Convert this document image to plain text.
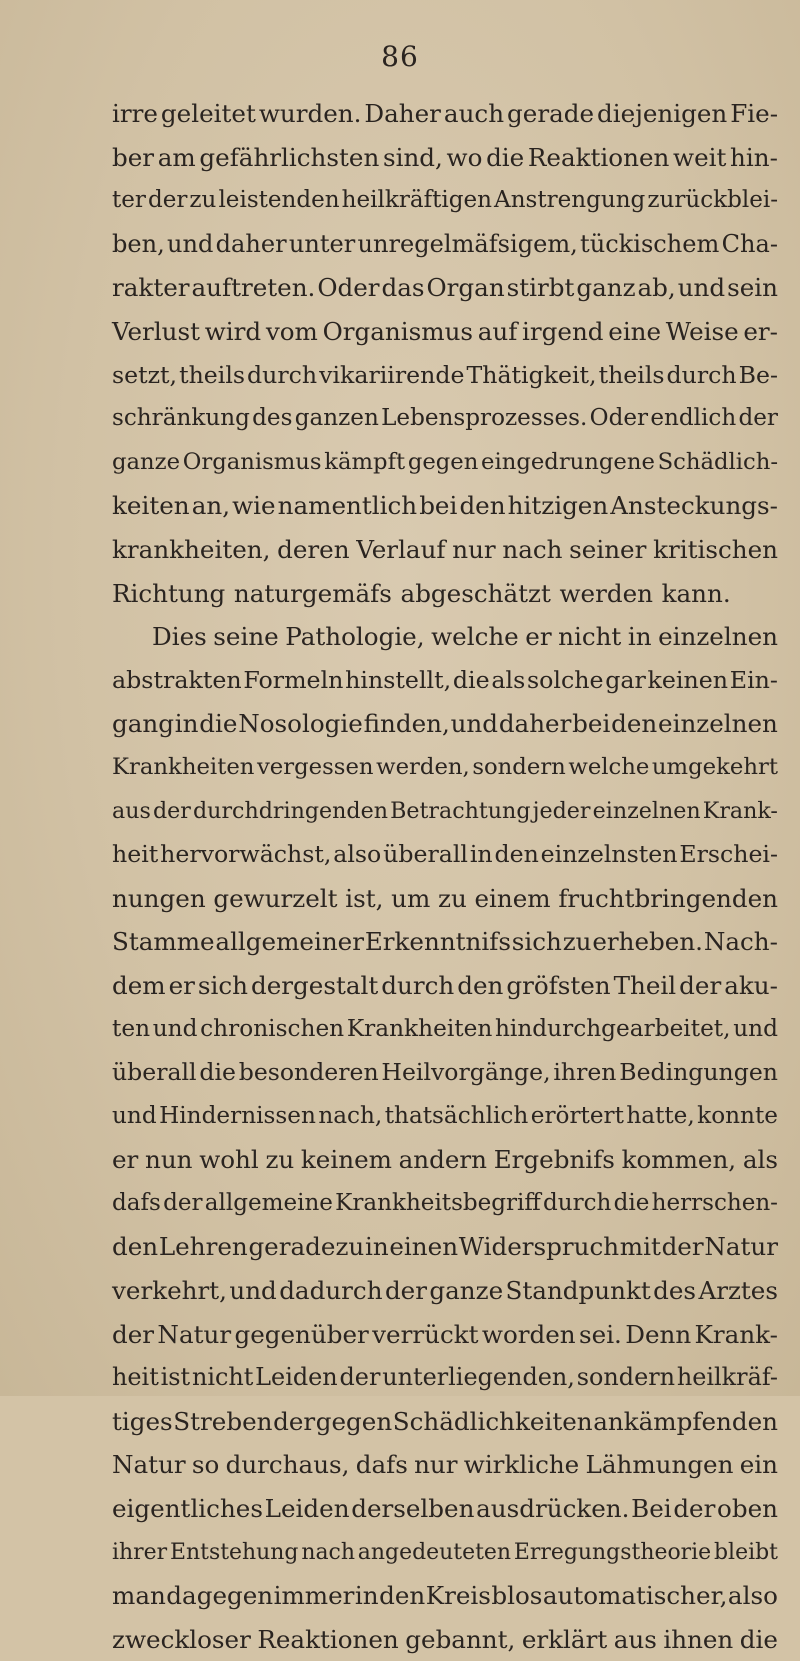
86
irre geleitet wurden. Daher auch gerade diejenigen Fie-
ber am gefährlichsten sind, wo die Reaktionen weit hin-
ter der zu leistenden heilkräftigen Anstrengung zurückblei-
ben, und daher unter unregelmäfsigem, tückischem Cha-
rakter auftreten. Oder das Organ stirbt ganz ab, und sein
Verlust wird vom Organismus auf irgend eine Weise er-
setzt, theils durch vikariirende Thätigkeit, theils durch Be-
schränkung des ganzen Lebensprozesses. Oder endlich der
ganze Organismus kämpft gegen eingedrungene Schädlich-
keiten an, wie namentlich bei den hitzigen Ansteckungs-
krankheiten, deren Verlauf nur nach seiner kritischen
Richtung naturgemäfs abgeschätzt werden kann.
Dies seine Pathologie, welche er nicht in einzelnen
abstrakten Formeln hinstellt, die als solche gar keinen Ein-
gang in die Nosologie finden, und daher bei den einzelnen
Krankheiten vergessen werden, sondern welche umgekehrt
aus der durchdringenden Betrachtung jeder einzelnen Krank-
heit hervorwächst, also überall in den einzelnsten Erschei-
nungen gewurzelt ist, um zu einem fruchtbringenden
Stamme allgemeiner Erkenntnifs sich zu erheben. Nach-
dem er sich dergestalt durch den gröfsten Theil der aku-
ten und chronischen Krankheiten hindurchgearbeitet, und
überall die besonderen Heilvorgänge, ihren Bedingungen
und Hindernissen nach, thatsächlich erörtert hatte, konnte
er nun wohl zu keinem andern Ergebnifs kommen, als
dafs der allgemeine Krankheitsbegriff durch die herrschen-
den Lehren geradezu in einen Widerspruch mit der Natur
verkehrt, und dadurch der ganze Standpunkt des Arztes
der Natur gegenüber verrückt worden sei. Denn Krank-
heit ist nicht Leiden der unterliegenden, sondern heilkräf-
tiges Streben der gegen Schädlichkeiten ankämpfenden
Natur so durchaus, dafs nur wirkliche Lähmungen ein
eigentliches Leiden derselben ausdrücken. Bei der oben
ihrer Entstehung nach angedeuteten Erregungstheorie bleibt
man dagegen immer in den Kreis blos automatischer, also
zweckloser Reaktionen gebannt, erklärt aus ihnen die
